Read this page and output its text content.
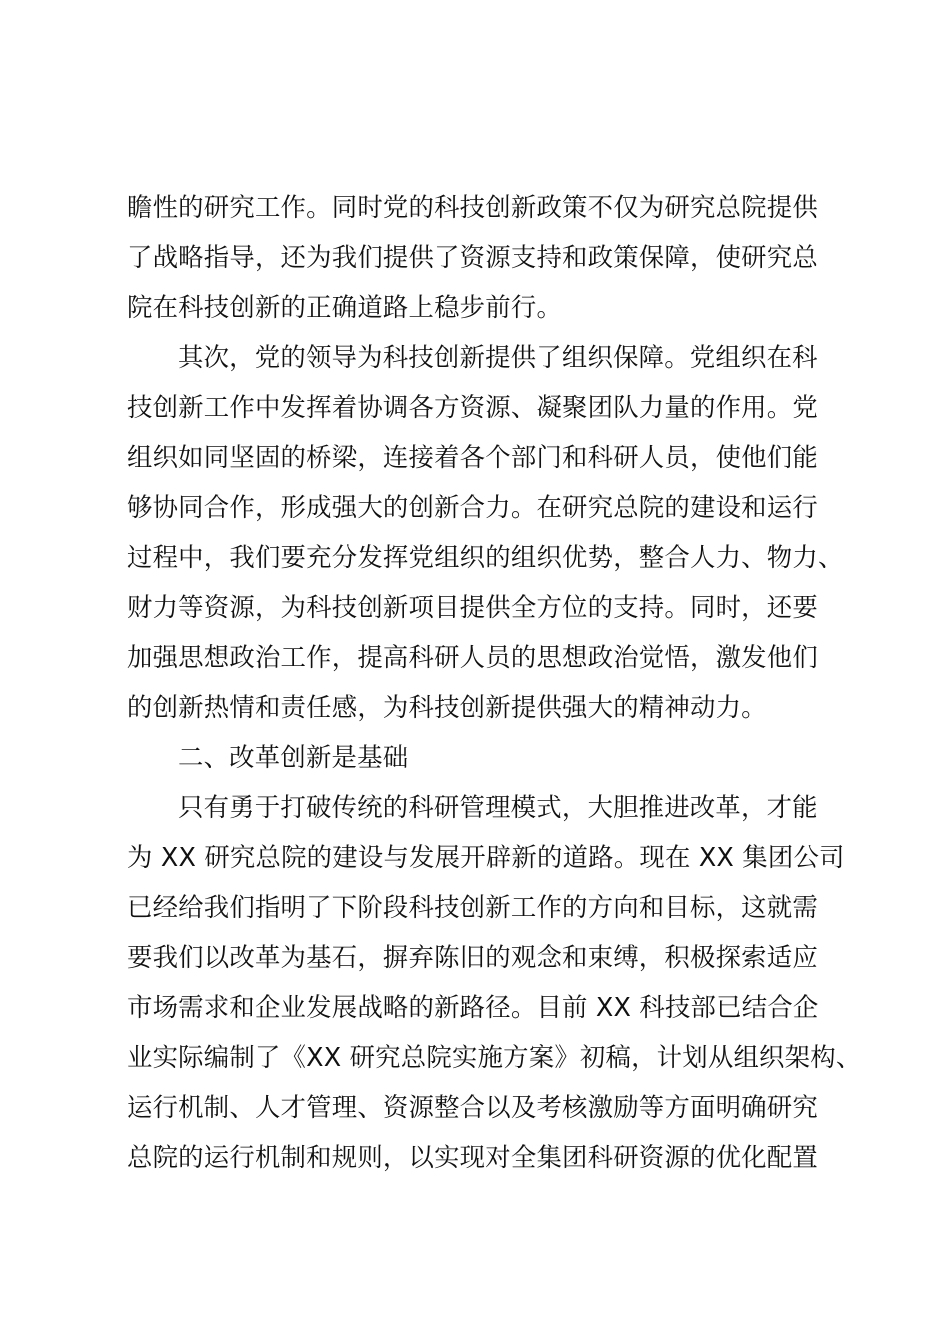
瞻性的研究工作。同时党的科技创新政策不仅为研究总院提供
了战略指导，还为我们提供了资源支持和政策保障，使研究总
院在科技创新的正确道路上稳步前行。
其次，党的领导为科技创新提供了组织保障。党组织在科
技创新工作中发挥着协调各方资源、凝聚团队力量的作用。党
组织如同坚固的桥梁，连接着各个部门和科研人员，使他们能
够协同合作，形成强大的创新合力。在研究总院的建设和运行
过程中，我们要充分发挥党组织的组织优势，整合人力、物力、
财力等资源，为科技创新项目提供全方位的支持。同时，还要
加强思想政治工作，提高科研人员的思想政治觉悟，激发他们
的创新热情和责任感，为科技创新提供强大的精神动力。
二、改革创新是基础
只有勇于打破传统的科研管理模式，大胆推进改革，才能
为 XX 研究总院的建设与发展开辟新的道路。现在 XX 集团公司
已经给我们指明了下阶段科技创新工作的方向和目标，这就需
要我们以改革为基石，摒弃陈旧的观念和束缚，积极探索适应
市场需求和企业发展战略的新路径。目前 XX 科技部已结合企
业实际编制了《XX 研究总院实施方案》初稿，计划从组织架构、
运行机制、人才管理、资源整合以及考核激励等方面明确研究
总院的运行机制和规则，以实现对全集团科研资源的优化配置
